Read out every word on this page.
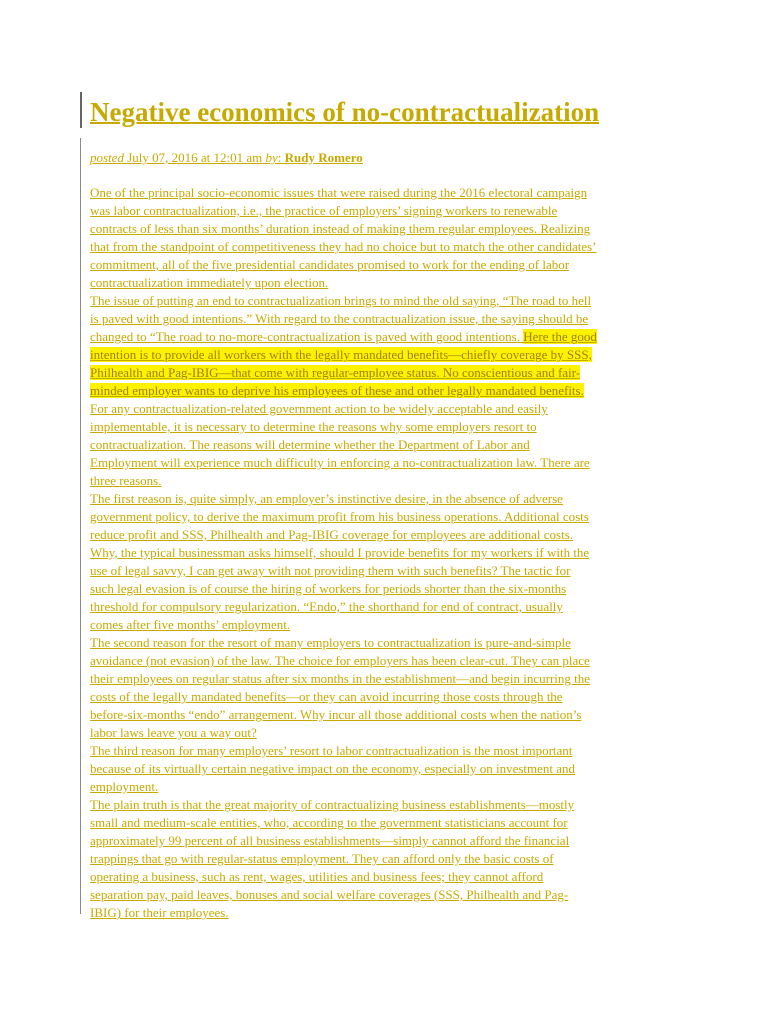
Negative economics of no-contractualization
posted July 07, 2016 at 12:01 am by: Rudy Romero

One of the principal socio-economic issues that were raised during the 2016 electoral campaign
was labor contractualization, i.e., the practice of employers’ signing workers to renewable
contracts of less than six months’ duration instead of making them regular employees. Realizing
that from the standpoint of competitiveness they had no choice but to match the other candidates’
commitment, all of the five presidential candidates promised to work for the ending of labor
contractualization immediately upon election.

The issue of putting an end to contractualization brings to mind the old saying, “The road to hell
is paved with good intentions.” With regard to the contractualization issue, the saying should be
changed to “The road to no-more-contractualization is paved with good intentions. Here the good
intention is to provide all workers with the legally mandated benefits—chiefly coverage by SSS,
Philhealth and Pag-IBIG—that come with regular-employee status. No conscientious and fair-
minded employer wants to deprive his employees of these and other legally mandated benefits.

For any contractualization-related government action to be widely acceptable and easily
implementable, it is necessary to determine the reasons why some employers resort to
contractualization. The reasons will determine whether the Department of Labor and
Employment will experience much difficulty in enforcing a no-contractualization law. There are
three reasons.

The first reason is, quite simply, an employer’s instinctive desire, in the absence of adverse
government policy, to derive the maximum profit from his business operations. Additional costs
reduce profit and SSS, Philhealth and Pag-IBIG coverage for employees are additional costs.
Why, the typical businessman asks himself, should I provide benefits for my workers if with the
use of legal savvy, I can get away with not providing them with such benefits? The tactic for
such legal evasion is of course the hiring of workers for periods shorter than the six-months
threshold for compulsory regularization. “Endo,” the shorthand for end of contract, usually
comes after five months’ employment.

The second reason for the resort of many employers to contractualization is pure-and-simple
avoidance (not evasion) of the law. The choice for employers has been clear-cut. They can place
their employees on regular status after six months in the establishment—and begin incurring the
costs of the legally mandated benefits—or they can avoid incurring those costs through the
before-six-months “endo” arrangement. Why incur all those additional costs when the nation’s
labor laws leave you a way out?

The third reason for many employers’ resort to labor contractualization is the most important
because of its virtually certain negative impact on the economy, especially on investment and
employment.

The plain truth is that the great majority of contractualizing business establishments—mostly
small and medium-scale entities, who, according to the government statisticians account for
approximately 99 percent of all business establishments—simply cannot afford the financial
trappings that go with regular-status employment. They can afford only the basic costs of
operating a business, such as rent, wages, utilities and business fees; they cannot afford
separation pay, paid leaves, bonuses and social welfare coverages (SSS, Philhealth and Pag-
IBIG) for their employees.
